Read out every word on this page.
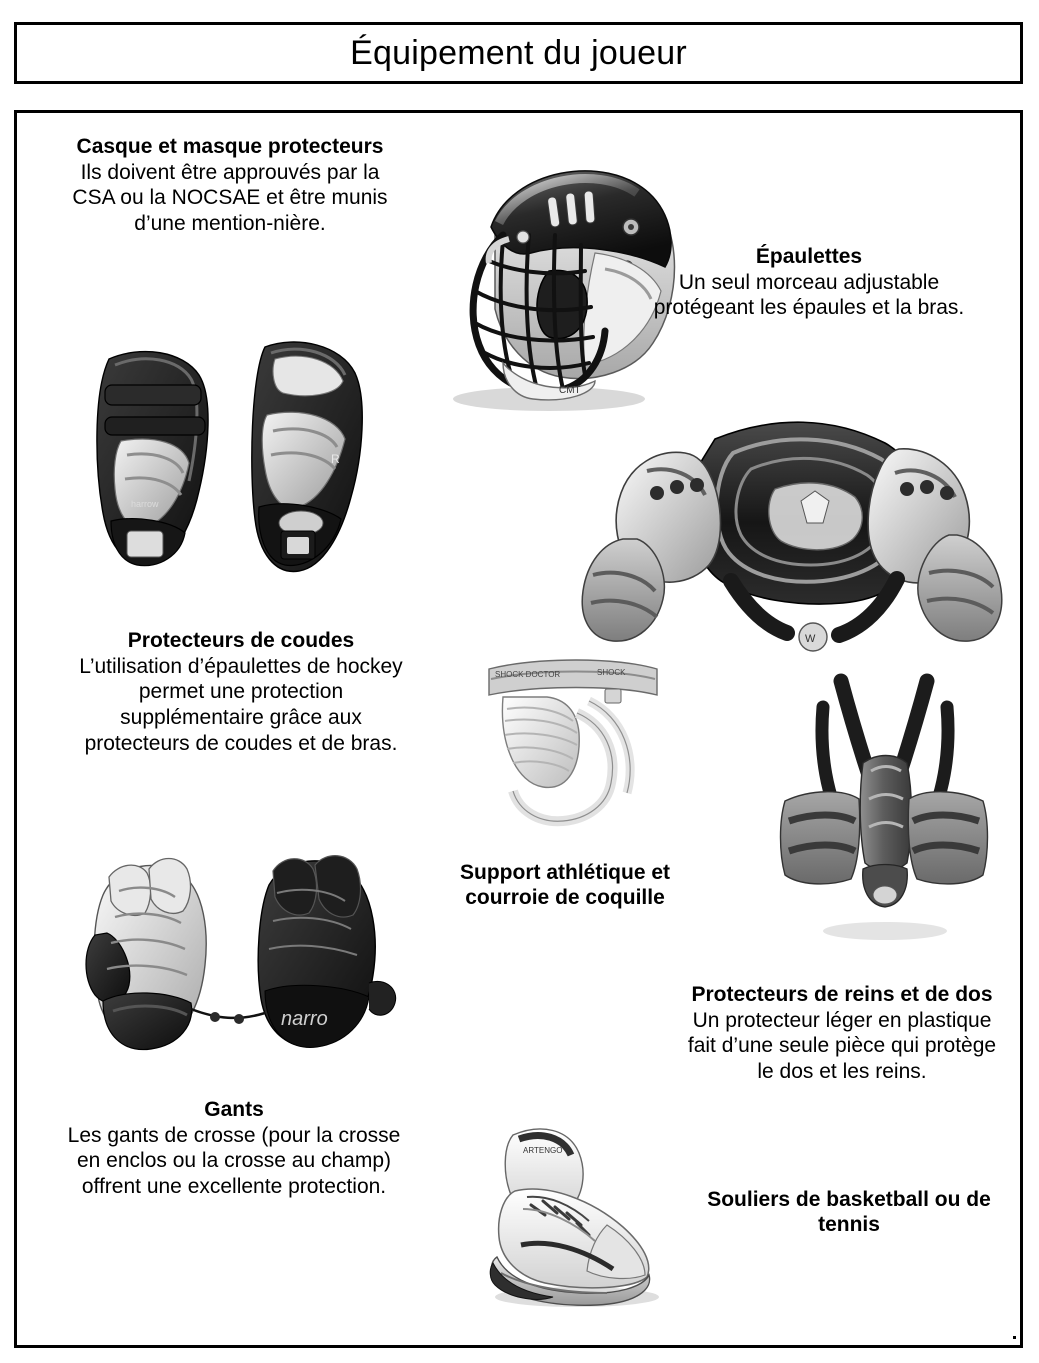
Équipement du joueur
Casque et masque protecteurs
Ils doivent être approuvés par la CSA ou la NOCSAE et être munis d’une mention-nière.
CMT
Épaulettes
Un seul morceau adjustable protégeant les épaules et la bras.
harrow
R
W
Protecteurs de coudes
L’utilisation d’épaulettes de hockey permet une protection supplémentaire grâce aux protecteurs de coudes et de bras.
SHOCK DOCTOR	SHOCK
Support athlétique et courroie de coquille
narro
Protecteurs de reins et de dos
Un protecteur léger en plastique fait d’une seule pièce qui protège le dos et les reins.
Gants
Les gants de crosse (pour la crosse en enclos ou la crosse au champ) offrent une excellente protection.
ARTENGO
Souliers de basketball ou de tennis
